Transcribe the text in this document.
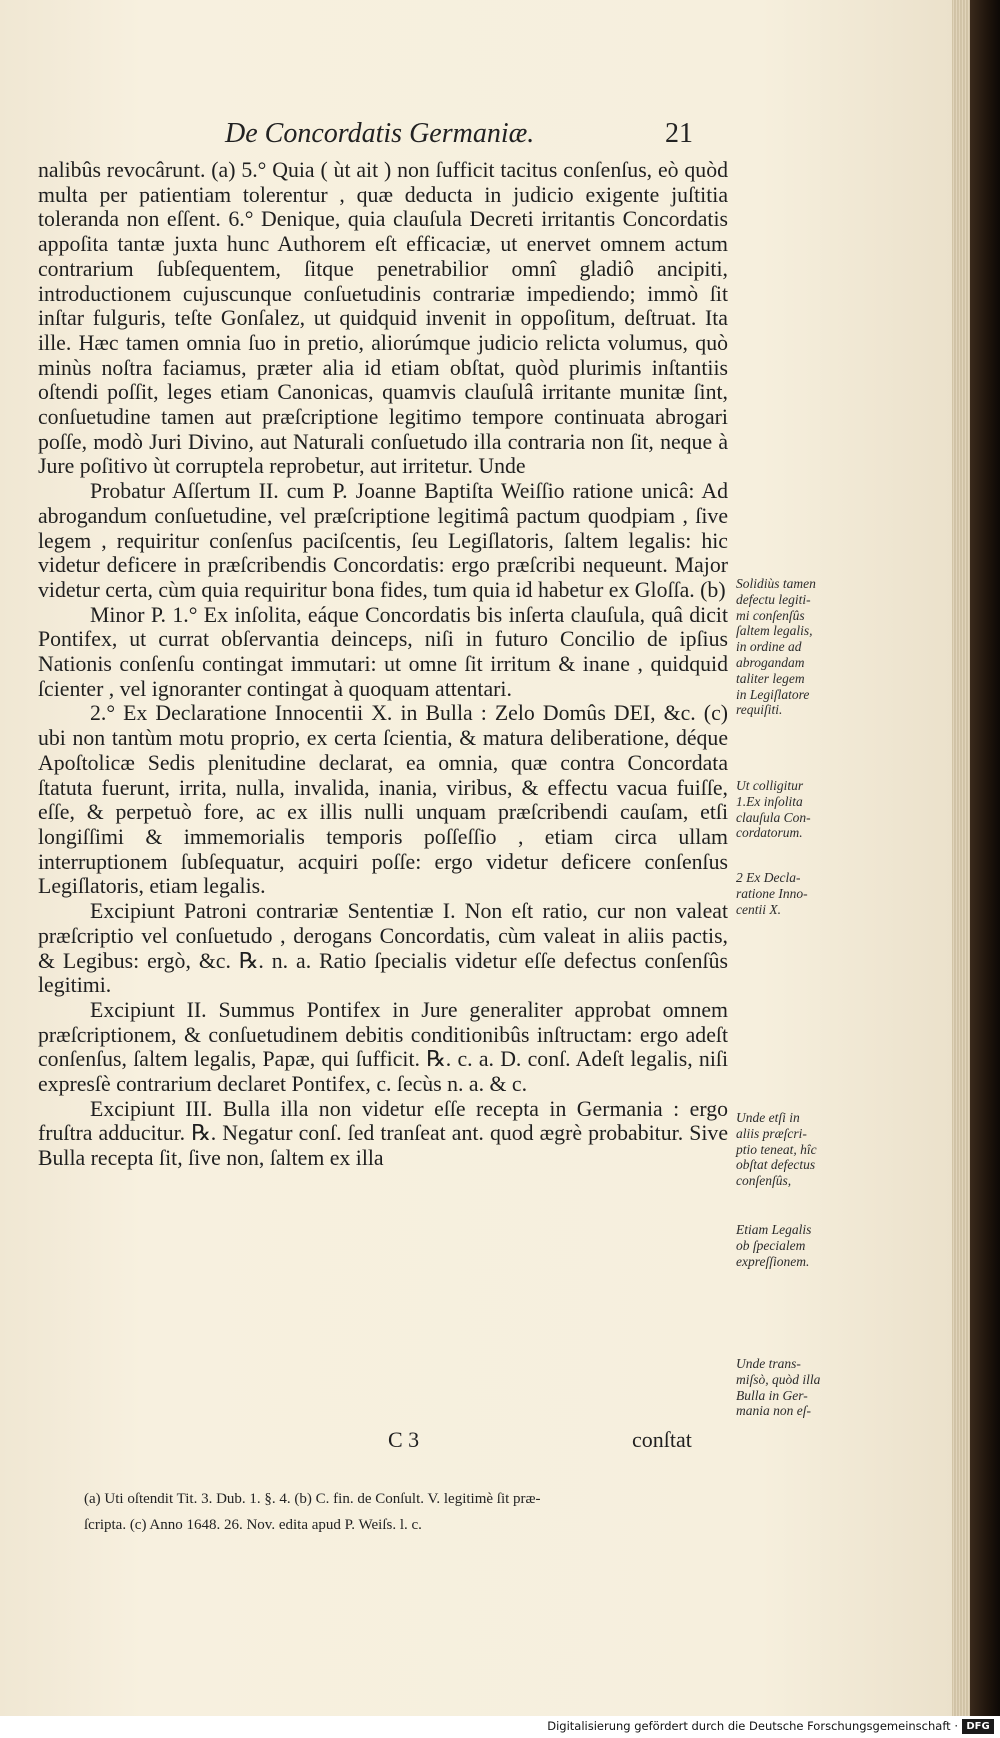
De Concordatis Germaniæ.	21

nalibûs revocârunt. (a) 5.° Quia ( ùt ait ) non ſufficit tacitus conſenſus, eò quòd multa per patientiam tolerentur , quæ deducta in judicio exigente juſtitia toleranda non eſſent. 6.° Denique, quia clauſula Decreti irritantis Concordatis appoſita tantæ juxta hunc Authorem eſt efficaciæ, ut enervet omnem actum contrarium ſubſequentem, ſitque penetrabilior omnî gladiô ancipiti, introductionem cujuscunque conſuetudinis contrariæ impediendo; immò ſit inſtar fulguris, teſte Gonſalez, ut quidquid invenit in oppoſitum, deſtruat. Ita ille. Hæc tamen omnia ſuo in pretio, aliorúmque judicio relicta volumus, quò minùs noſtra faciamus, præter alia id etiam obſtat, quòd plurimis inſtantiis oſtendi poſſit, leges etiam Canonicas, quamvis clauſulâ irritante munitæ ſint, conſuetudine tamen aut præſcriptione legitimo tempore continuata abrogari poſſe, modò Juri Divino, aut Naturali conſuetudo illa contraria non ſit, neque à Jure poſitivo ùt corruptela reprobetur, aut irritetur. Unde

Probatur Aſſertum II. cum P. Joanne Baptiſta Weiſſio ratione unicâ: Ad abrogandum conſuetudine, vel præſcriptione legitimâ pactum quodpiam , ſive legem , requiritur conſenſus paciſcentis, ſeu Legiſlatoris, ſaltem legalis: hic videtur deficere in præſcribendis Concordatis: ergo præſcribi nequeunt. Major videtur certa, cùm quia requiritur bona fides, tum quia id habetur ex Gloſſa. (b)

Minor P. 1.° Ex inſolita, eáque Concordatis bis inſerta clauſula, quâ dicit Pontifex, ut currat obſervantia deinceps, niſi in futuro Concilio de ipſius Nationis conſenſu contingat immutari: ut omne ſit irritum & inane , quidquid ſcienter , vel ignoranter contingat à quoquam attentari.

2.° Ex Declaratione Innocentii X. in Bulla : Zelo Domûs DEI, &c. (c) ubi non tantùm motu proprio, ex certa ſcientia, & matura deliberatione, déque Apoſtolicæ Sedis plenitudine declarat, ea omnia, quæ contra Concordata ſtatuta fuerunt, irrita, nulla, invalida, inania, viribus, & effectu vacua fuiſſe, eſſe, & perpetuò fore, ac ex illis nulli unquam præſcribendi cauſam, etſi longiſſimi & immemorialis temporis poſſeſſio , etiam circa ullam interruptionem ſubſequatur, acquiri poſſe: ergo videtur deficere conſenſus Legiſlatoris, etiam legalis.

Excipiunt Patroni contrariæ Sententiæ I. Non eſt ratio, cur non valeat præſcriptio vel conſuetudo , derogans Concordatis, cùm valeat in aliis pactis, & Legibus: ergò, &c. ℞. n. a. Ratio ſpecialis videtur eſſe defectus conſenſûs legitimi.

Excipiunt II. Summus Pontifex in Jure generaliter approbat omnem præſcriptionem, & conſuetudinem debitis conditionibûs inſtructam: ergo adeſt conſenſus, ſaltem legalis, Papæ, qui ſufficit. ℞. c. a. D. conſ. Adeſt legalis, niſi expresſè contrarium declaret Pontifex, c. ſecùs n. a. & c.

Excipiunt III. Bulla illa non videtur eſſe recepta in Germania : ergo fruſtra adducitur. ℞. Negatur conſ. ſed tranſeat ant. quod ægrè probabitur. Sive Bulla recepta ſit, ſive non, ſaltem ex illa

Solidiùs tamen
defectu legiti-
mi conſenſûs
ſaltem legalis,
in ordine ad
abrogandam
taliter legem
in Legiſlatore
requiſiti.
Ut colligitur
1.Ex inſolita
clauſula Con-
cordatorum.
2 Ex Decla-
ratione Inno-
centii X.
Unde etſi in
aliis præſcri-
ptio teneat, hîc
obſtat defectus
conſenſûs,
Etiam Legalis
ob ſpecialem
expreſſionem.
Unde trans-
miſsò, quòd illa
Bulla in Ger-
mania non eſ-
C 3	conſtat
(a) Uti oſtendit Tit. 3. Dub. 1. §. 4. (b) C. fin. de Conſult. V. legitimè ſit præ-
ſcripta. (c) Anno 1648. 26. Nov. edita apud P. Weiſs. l. c.
Digitalisierung gefördert durch die Deutsche Forschungsgemeinschaft · DFG
